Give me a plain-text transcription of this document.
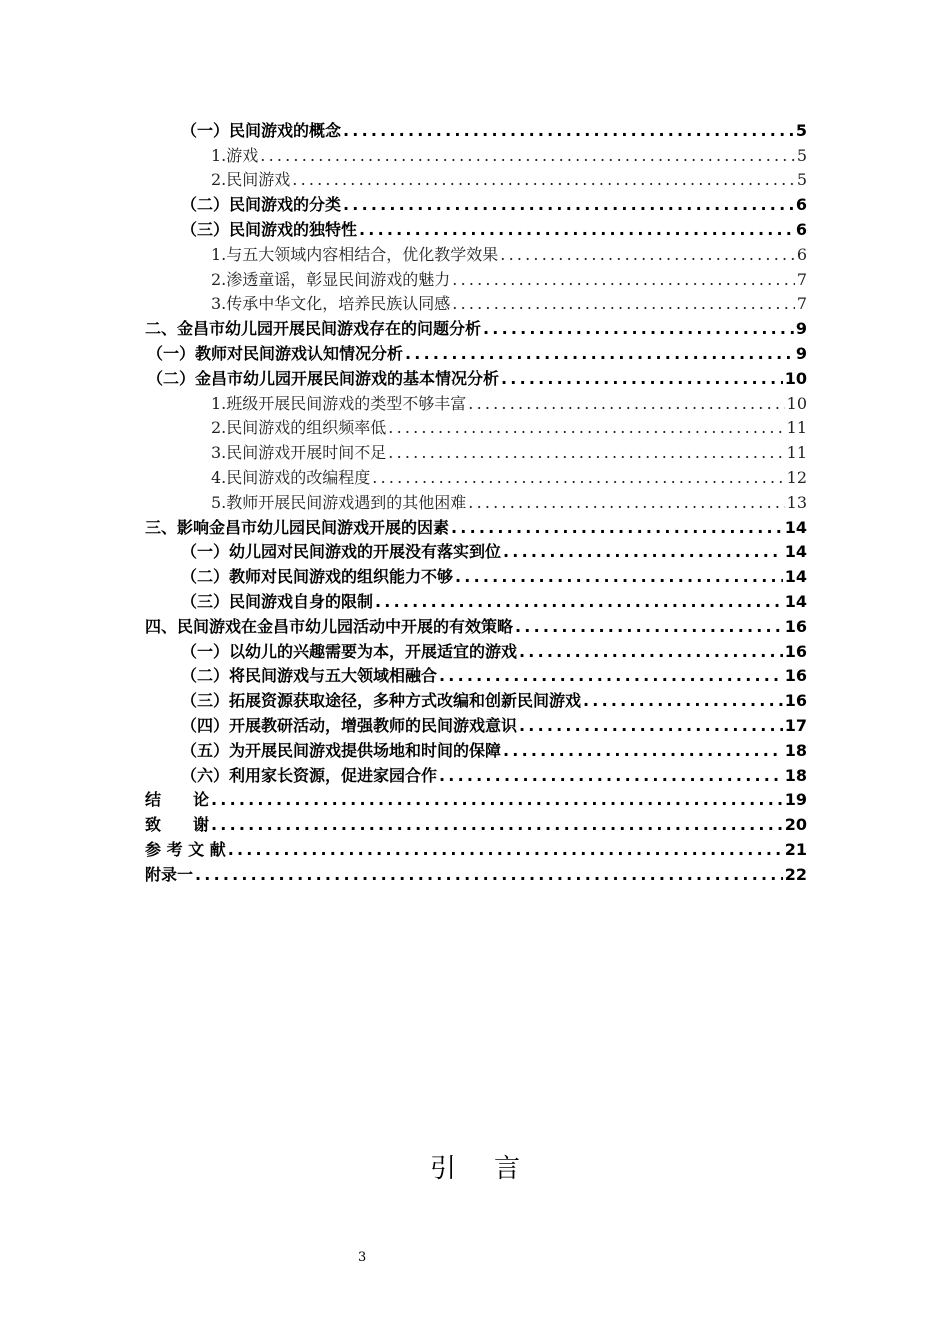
（一）民间游戏的概念 .....	5
1.游戏 .....	5
2.民间游戏 .....	5
（二）民间游戏的分类 .....	6
（三）民间游戏的独特性 .....	6
1.与五大领域内容相结合，优化教学效果 .....	6
2.渗透童谣，彰显民间游戏的魅力 .....	7
3.传承中华文化，培养民族认同感 .....	7
二、金昌市幼儿园开展民间游戏存在的问题分析 .....	9
（一）教师对民间游戏认知情况分析 .....	9
（二）金昌市幼儿园开展民间游戏的基本情况分析 .....	10
1.班级开展民间游戏的类型不够丰富 .....	10
2.民间游戏的组织频率低 .....	11
3.民间游戏开展时间不足 .....	11
4.民间游戏的改编程度 .....	12
5.教师开展民间游戏遇到的其他困难 .....	13
三、影响金昌市幼儿园民间游戏开展的因素 .....	14
（一）幼儿园对民间游戏的开展没有落实到位 .....	14
（二）教师对民间游戏的组织能力不够 .....	14
（三）民间游戏自身的限制 .....	14
四、民间游戏在金昌市幼儿园活动中开展的有效策略 .....	16
（一）以幼儿的兴趣需要为本，开展适宜的游戏 .....	16
（二）将民间游戏与五大领域相融合 .....	16
（三）拓展资源获取途径，多种方式改编和创新民间游戏 .....	16
（四）开展教研活动，增强教师的民间游戏意识 .....	17
（五）为开展民间游戏提供场地和时间的保障 .....	18
（六）利用家长资源，促进家园合作 .....	18
结　　论 .....	19
致　　谢 .....	20
参 考 文 献 .....	21
附录一 .....	22
引言
3
